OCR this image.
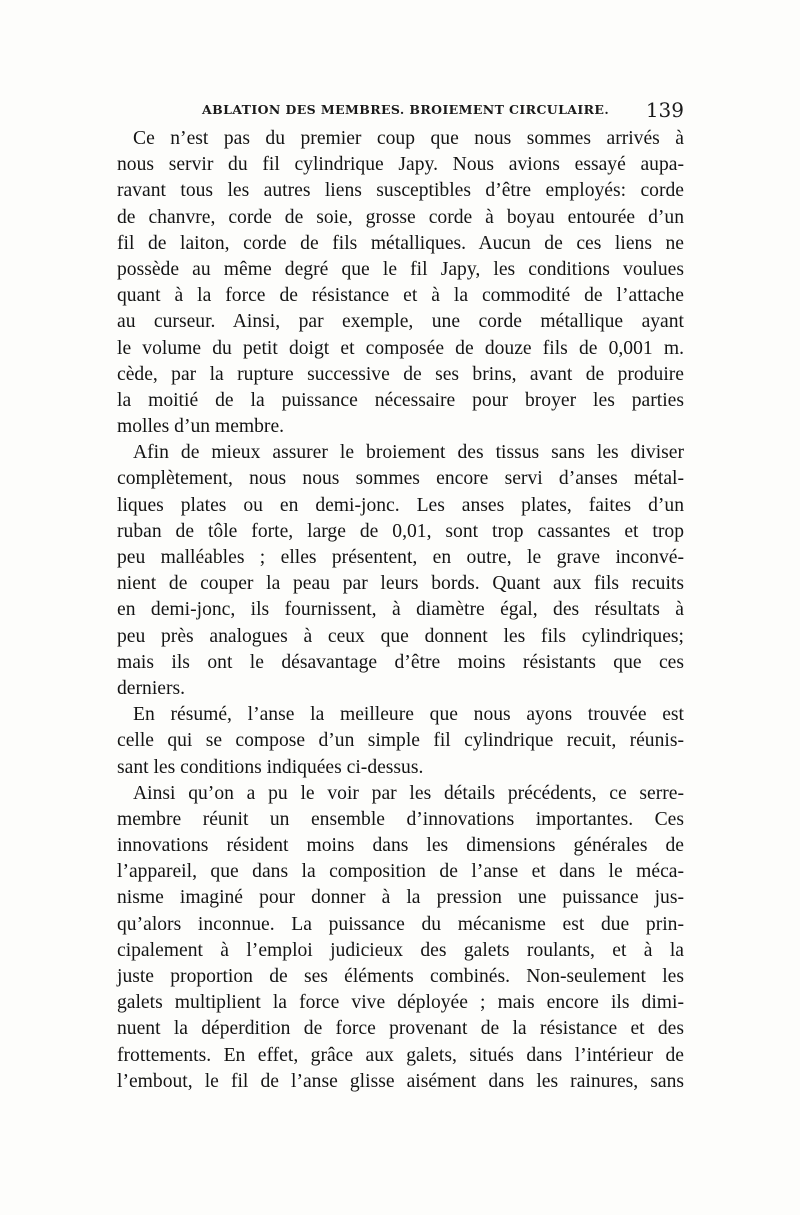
ABLATION DES MEMBRES. BROIEMENT CIRCULAIRE. 139
Ce n’est pas du premier coup que nous sommes arrivés à
nous servir du fil cylindrique Japy. Nous avions essayé aupa-
ravant tous les autres liens susceptibles d’être employés: corde
de chanvre, corde de soie, grosse corde à boyau entourée d’un
fil de laiton, corde de fils métalliques. Aucun de ces liens ne
possède au même degré que le fil Japy, les conditions voulues
quant à la force de résistance et à la commodité de l’attache
au curseur. Ainsi, par exemple, une corde métallique ayant
le volume du petit doigt et composée de douze fils de 0,001 m.
cède, par la rupture successive de ses brins, avant de produire
la moitié de la puissance nécessaire pour broyer les parties
molles d’un membre.
Afin de mieux assurer le broiement des tissus sans les diviser
complètement, nous nous sommes encore servi d’anses métal-
liques plates ou en demi-jonc. Les anses plates, faites d’un
ruban de tôle forte, large de 0,01, sont trop cassantes et trop
peu malléables ; elles présentent, en outre, le grave inconvé-
nient de couper la peau par leurs bords. Quant aux fils recuits
en demi-jonc, ils fournissent, à diamètre égal, des résultats à
peu près analogues à ceux que donnent les fils cylindriques;
mais ils ont le désavantage d’être moins résistants que ces
derniers.
En résumé, l’anse la meilleure que nous ayons trouvée est
celle qui se compose d’un simple fil cylindrique recuit, réunis-
sant les conditions indiquées ci-dessus.
Ainsi qu’on a pu le voir par les détails précédents, ce serre-
membre réunit un ensemble d’innovations importantes. Ces
innovations résident moins dans les dimensions générales de
l’appareil, que dans la composition de l’anse et dans le méca-
nisme imaginé pour donner à la pression une puissance jus-
qu’alors inconnue. La puissance du mécanisme est due prin-
cipalement à l’emploi judicieux des galets roulants, et à la
juste proportion de ses éléments combinés. Non-seulement les
galets multiplient la force vive déployée ; mais encore ils dimi-
nuent la déperdition de force provenant de la résistance et des
frottements. En effet, grâce aux galets, situés dans l’intérieur de
l’embout, le fil de l’anse glisse aisément dans les rainures, sans
